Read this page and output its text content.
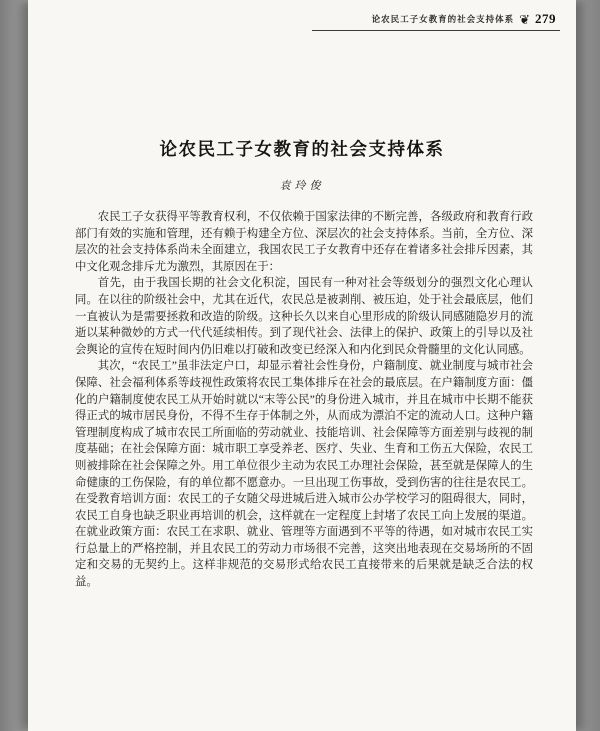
论农民工子女教育的社会支持体系 ❦ 279
论农民工子女教育的社会支持体系
袁玲俊

农民工子女获得平等教育权利，不仅依赖于国家法律的不断完善，各级政府和教育行政部门有效的实施和管理，还有赖于构建全方位、深层次的社会支持体系。当前，全方位、深层次的社会支持体系尚未全面建立，我国农民工子女教育中还存在着诸多社会排斥因素，其中文化观念排斥尤为激烈，其原因在于：

首先，由于我国长期的社会文化积淀，国民有一种对社会等级划分的强烈文化心理认同。在以往的阶级社会中，尤其在近代，农民总是被剥削、被压迫，处于社会最底层，他们一直被认为是需要拯救和改造的阶级。这种长久以来自心里形成的阶级认同感随隐岁月的流逝以某种微妙的方式一代代延续相传。到了现代社会、法律上的保护、政策上的引导以及社会舆论的宣传在短时间内仍旧难以打破和改变已经深入和内化到民众骨髓里的文化认同感。

其次，“农民工”虽非法定户口，却显示着社会性身份，户籍制度、就业制度与城市社会保障、社会福利体系等歧视性政策将农民工集体排斥在社会的最底层。在户籍制度方面：僵化的户籍制度使农民工从开始时就以“末等公民”的身份进入城市，并且在城市中长期不能获得正式的城市居民身份，不得不生存于体制之外，从而成为漂泊不定的流动人口。这种户籍管理制度构成了城市农民工所面临的劳动就业、技能培训、社会保障等方面差别与歧视的制度基础；在社会保障方面：城市职工享受养老、医疗、失业、生育和工伤五大保险，农民工则被排除在社会保障之外。用工单位很少主动为农民工办理社会保险，甚至就是保障人的生命健康的工伤保险，有的单位都不愿意办。一旦出现工伤事故，受到伤害的往往是农民工。在受教育培训方面：农民工的子女随父母进城后进入城市公办学校学习的阻碍很大，同时，农民工自身也缺乏职业再培训的机会，这样就在一定程度上封堵了农民工向上发展的渠道。在就业政策方面：农民工在求职、就业、管理等方面遇到不平等的待遇，如对城市农民工实行总量上的严格控制，并且农民工的劳动力市场很不完善，这突出地表现在交易场所的不固定和交易的无契约上。这样非规范的交易形式给农民工直接带来的后果就是缺乏合法的权益。
